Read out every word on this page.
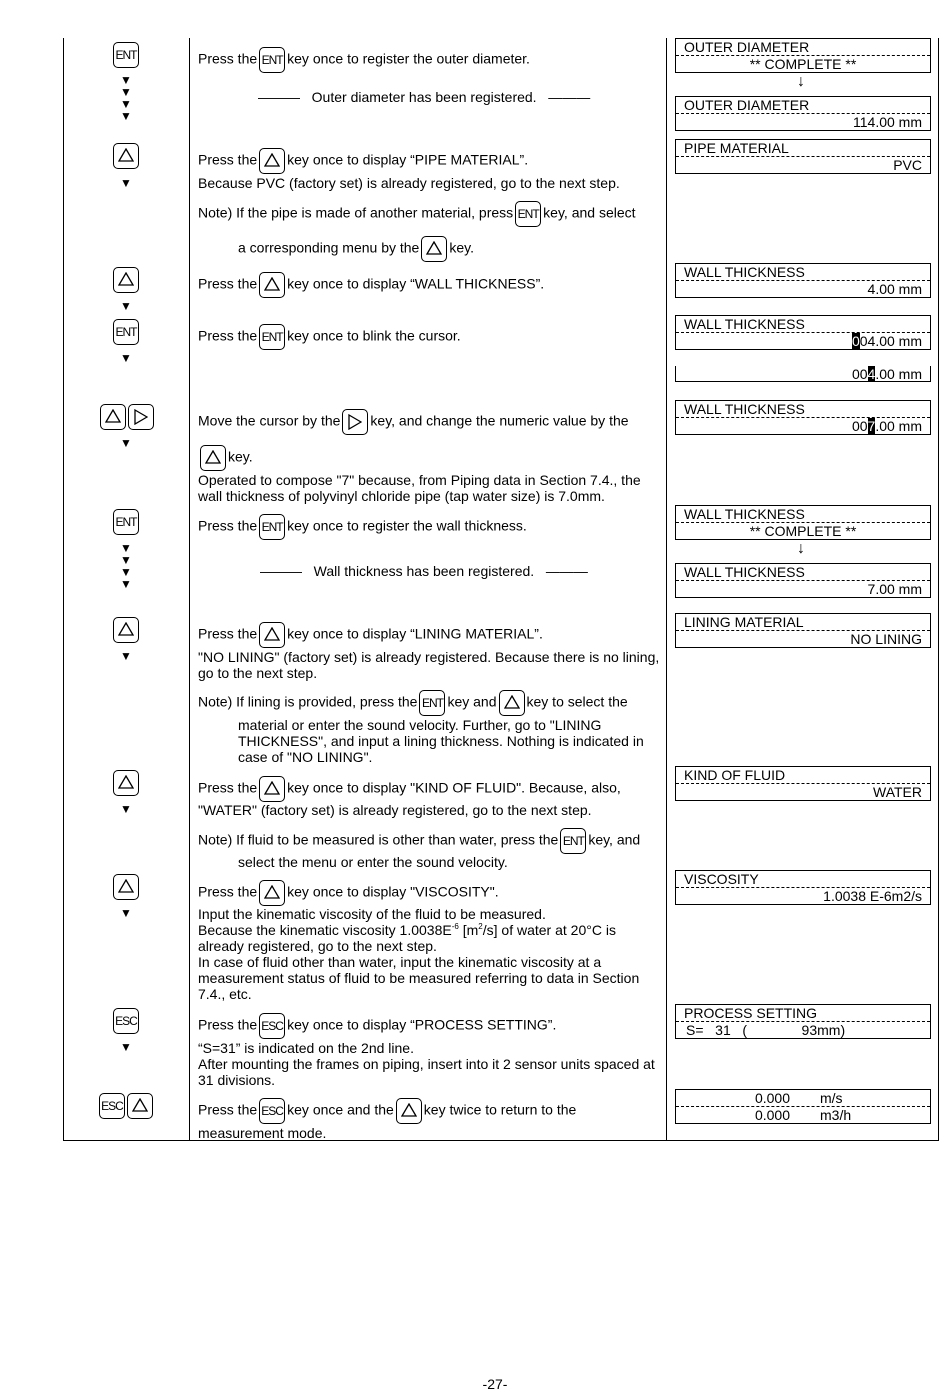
ENT
▼
▼
▼
▼
Press the ENT key once to register the outer diameter.
——— Outer diameter has been registered. ———
OUTER DIAMETER
** COMPLETE **
↓
OUTER DIAMETER
114.00 mm
▼
Press the key once to display “PIPE MATERIAL”.
Because PVC (factory set) is already registered, go to the next step.
Note) If the pipe is made of another material, press ENT key, and select
a corresponding menu by the key.
PIPE MATERIAL
PVC
▼
Press the key once to display “WALL THICKNESS”.
WALL THICKNESS
4.00 mm
ENT
▼
Press the ENT key once to blink the cursor.
WALL THICKNESS
004.00 mm
004.00 mm
▼
Move the cursor by the key, and change the numeric value by the
key.
Operated to compose "7" because, from Piping data in Section 7.4., the wall thickness of polyvinyl chloride pipe (tap water size) is 7.0mm.
WALL THICKNESS
007.00 mm
ENT
▼
▼
▼
▼
Press the ENT key once to register the wall thickness.
——— Wall thickness has been registered. ———
WALL THICKNESS
** COMPLETE **
↓
WALL THICKNESS
7.00 mm
▼
Press the key once to display “LINING MATERIAL”.
"NO LINING" (factory set) is already registered. Because there is no lining, go to the next step.
Note) If lining is provided, press the ENT key and key to select the
material or enter the sound velocity. Further, go to "LINING THICKNESS", and input a lining thickness. Nothing is indicated in case of "NO LINING".
LINING MATERIAL
NO LINING
▼
Press the key once to display "KIND OF FLUID". Because, also,
"WATER" (factory set) is already registered, go to the next step.
Note) If fluid to be measured is other than water, press the ENT key, and
select the menu or enter the sound velocity.
KIND OF FLUID
WATER
▼
Press the key once to display "VISCOSITY".
Input the kinematic viscosity of the fluid to be measured.
Because the kinematic viscosity $1.0038E^{-6}$ $[m^2/s]$ of water at 20°C is already registered, go to the next step.
In case of fluid other than water, input the kinematic viscosity at a measurement status of fluid to be measured referring to data in Section 7.4., etc.
VISCOSITY
1.0038 E-6m2/s
ESC
▼
Press the ESC key once to display “PROCESS SETTING”.
“S=31” is indicated on the 2nd line.
After mounting the frames on piping, insert into it 2 sensor units spaced at 31 divisions.
PROCESS SETTING
S=   31   (              93mm)
ESC	Press the ESC key once and the key twice to return to the
measurement mode.
0.000 m/s
0.000 m3/h
-27-
